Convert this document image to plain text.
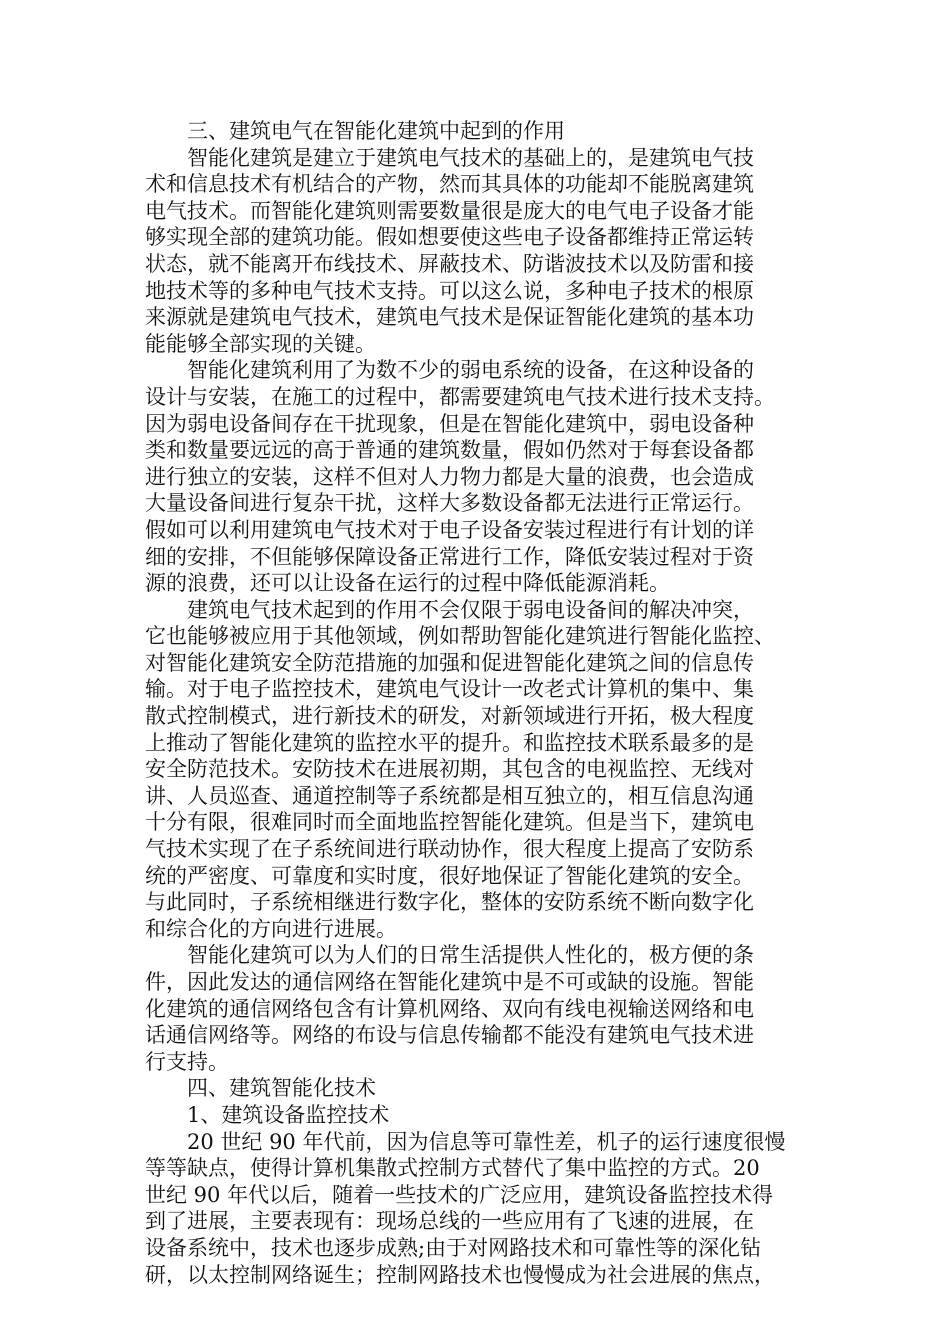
三、建筑电气在智能化建筑中起到的作用
智能化建筑是建立于建筑电气技术的基础上的，是建筑电气技
术和信息技术有机结合的产物，然而其具体的功能却不能脱离建筑
电气技术。而智能化建筑则需要数量很是庞大的电气电子设备才能
够实现全部的建筑功能。假如想要使这些电子设备都维持正常运转
状态，就不能离开布线技术、屏蔽技术、防谐波技术以及防雷和接
地技术等的多种电气技术支持。可以这么说，多种电子技术的根原
来源就是建筑电气技术，建筑电气技术是保证智能化建筑的基本功
能能够全部实现的关键。
智能化建筑利用了为数不少的弱电系统的设备，在这种设备的
设计与安装，在施工的过程中，都需要建筑电气技术进行技术支持。
因为弱电设备间存在干扰现象，但是在智能化建筑中，弱电设备种
类和数量要远远的高于普通的建筑数量，假如仍然对于每套设备都
进行独立的安装，这样不但对人力物力都是大量的浪费，也会造成
大量设备间进行复杂干扰，这样大多数设备都无法进行正常运行。
假如可以利用建筑电气技术对于电子设备安装过程进行有计划的详
细的安排，不但能够保障设备正常进行工作，降低安装过程对于资
源的浪费，还可以让设备在运行的过程中降低能源消耗。
建筑电气技术起到的作用不会仅限于弱电设备间的解决冲突，
它也能够被应用于其他领域，例如帮助智能化建筑进行智能化监控、
对智能化建筑安全防范措施的加强和促进智能化建筑之间的信息传
输。对于电子监控技术，建筑电气设计一改老式计算机的集中、集
散式控制模式，进行新技术的研发，对新领域进行开拓，极大程度
上推动了智能化建筑的监控水平的提升。和监控技术联系最多的是
安全防范技术。安防技术在进展初期，其包含的电视监控、无线对
讲、人员巡查、通道控制等子系统都是相互独立的，相互信息沟通
十分有限，很难同时而全面地监控智能化建筑。但是当下，建筑电
气技术实现了在子系统间进行联动协作，很大程度上提高了安防系
统的严密度、可靠度和实时度，很好地保证了智能化建筑的安全。
与此同时，子系统相继进行数字化，整体的安防系统不断向数字化
和综合化的方向进行进展。
智能化建筑可以为人们的日常生活提供人性化的，极方便的条
件，因此发达的通信网络在智能化建筑中是不可或缺的设施。智能
化建筑的通信网络包含有计算机网络、双向有线电视输送网络和电
话通信网络等。网络的布设与信息传输都不能没有建筑电气技术进
行支持。
四、建筑智能化技术
1、建筑设备监控技术
20 世纪 90 年代前，因为信息等可靠性差，机子的运行速度很慢
等等缺点，使得计算机集散式控制方式替代了集中监控的方式。20
世纪 90 年代以后，随着一些技术的广泛应用，建筑设备监控技术得
到了进展，主要表现有：现场总线的一些应用有了飞速的进展，在
设备系统中，技术也逐步成熟;由于对网路技术和可靠性等的深化钻
研，以太控制网络诞生；控制网路技术也慢慢成为社会进展的焦点，
